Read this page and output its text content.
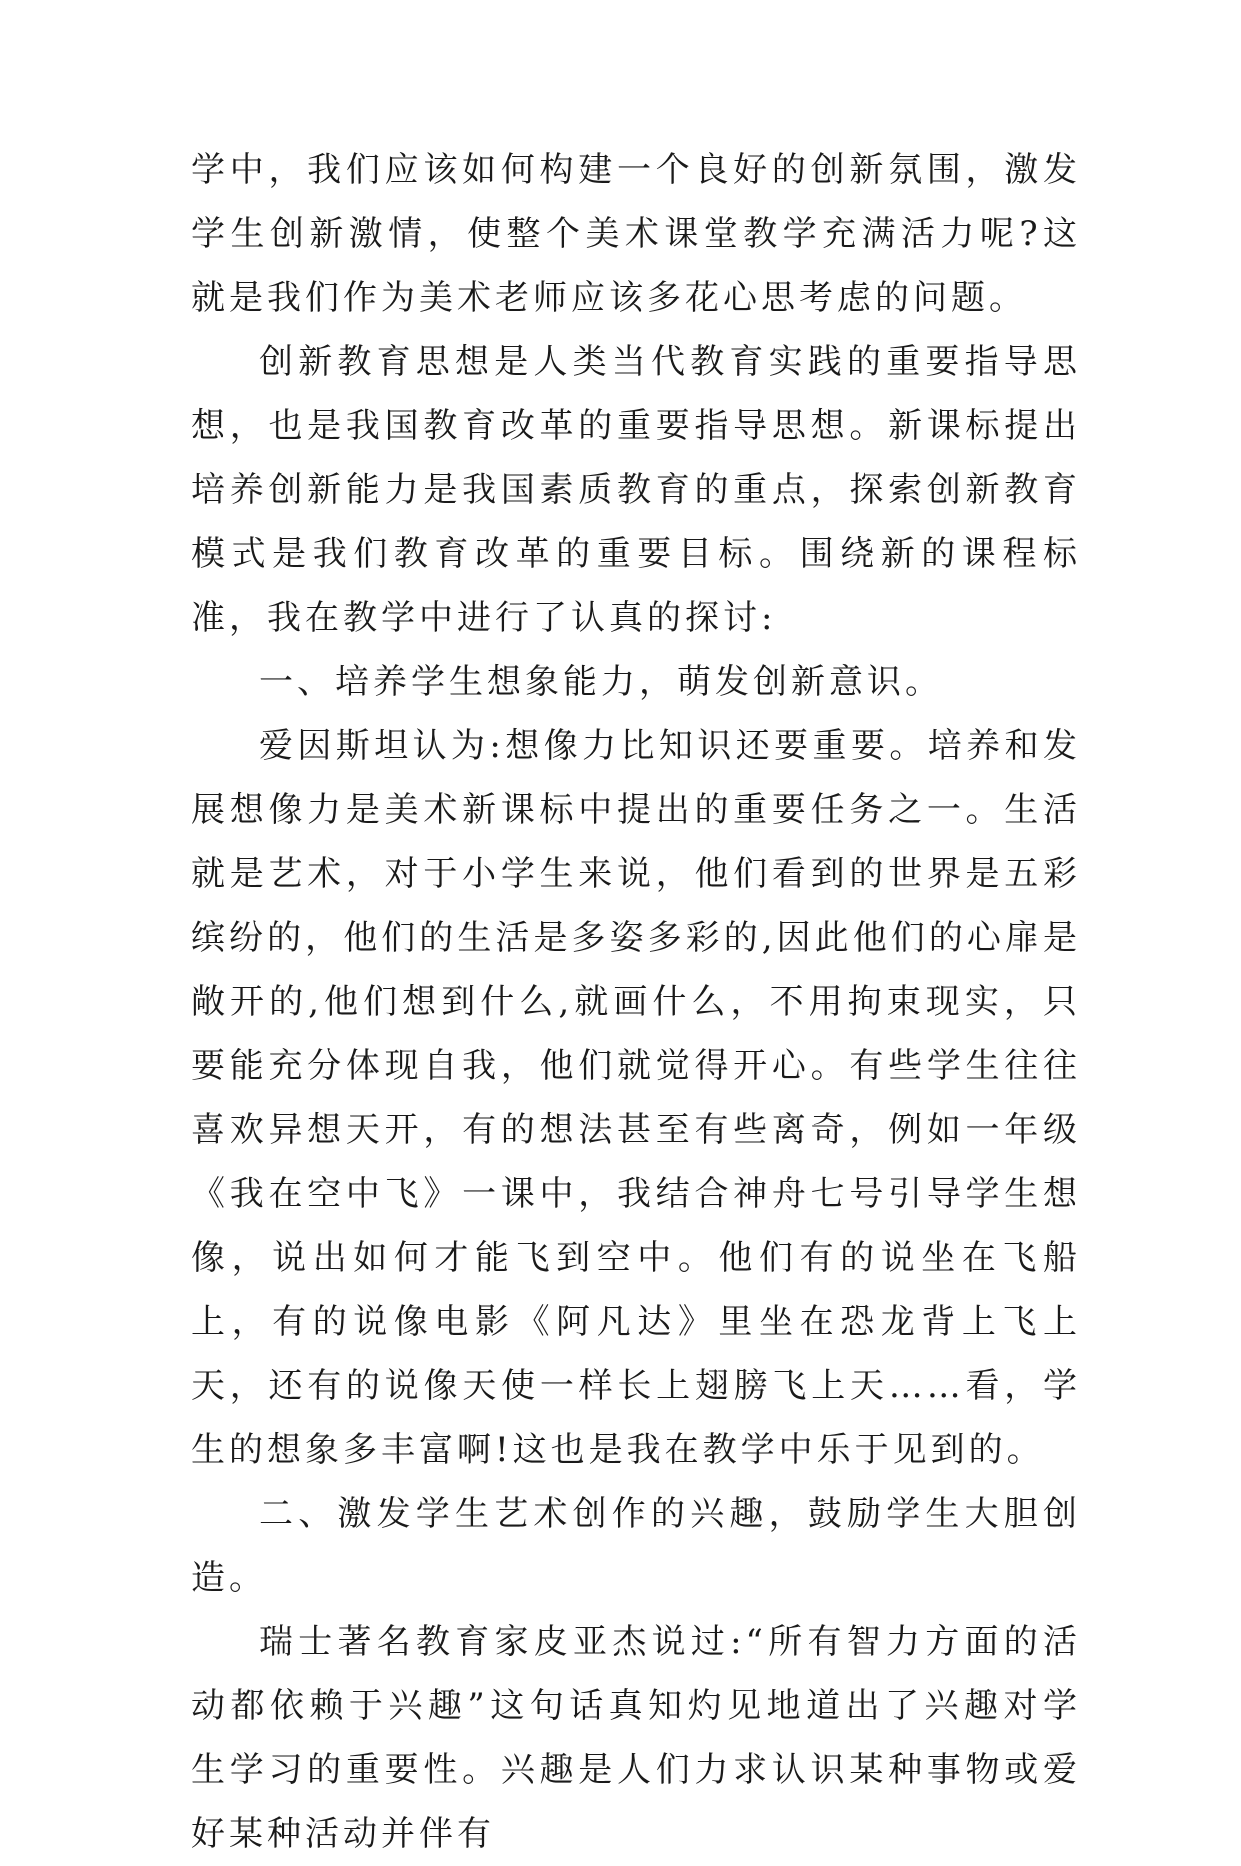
学中，我们应该如何构建一个良好的创新氛围，激发学生创新激情，使整个美术课堂教学充满活力呢?这就是我们作为美术老师应该多花心思考虑的问题。

创新教育思想是人类当代教育实践的重要指导思想，也是我国教育改革的重要指导思想。新课标提出培养创新能力是我国素质教育的重点，探索创新教育模式是我们教育改革的重要目标。围绕新的课程标准，我在教学中进行了认真的探讨:

一、培养学生想象能力，萌发创新意识。

爱因斯坦认为:想像力比知识还要重要。培养和发展想像力是美术新课标中提出的重要任务之一。生活就是艺术，对于小学生来说，他们看到的世界是五彩缤纷的，他们的生活是多姿多彩的,因此他们的心扉是敞开的,他们想到什么,就画什么，不用拘束现实，只要能充分体现自我，他们就觉得开心。有些学生往往喜欢异想天开，有的想法甚至有些离奇，例如一年级《我在空中飞》一课中，我结合神舟七号引导学生想像，说出如何才能飞到空中。他们有的说坐在飞船上，有的说像电影《阿凡达》里坐在恐龙背上飞上天，还有的说像天使一样长上翅膀飞上天……看，学生的想象多丰富啊!这也是我在教学中乐于见到的。

二、激发学生艺术创作的兴趣，鼓励学生大胆创造。

瑞士著名教育家皮亚杰说过:“所有智力方面的活动都依赖于兴趣”这句话真知灼见地道出了兴趣对学生学习的重要性。兴趣是人们力求认识某种事物或爱好某种活动并伴有
